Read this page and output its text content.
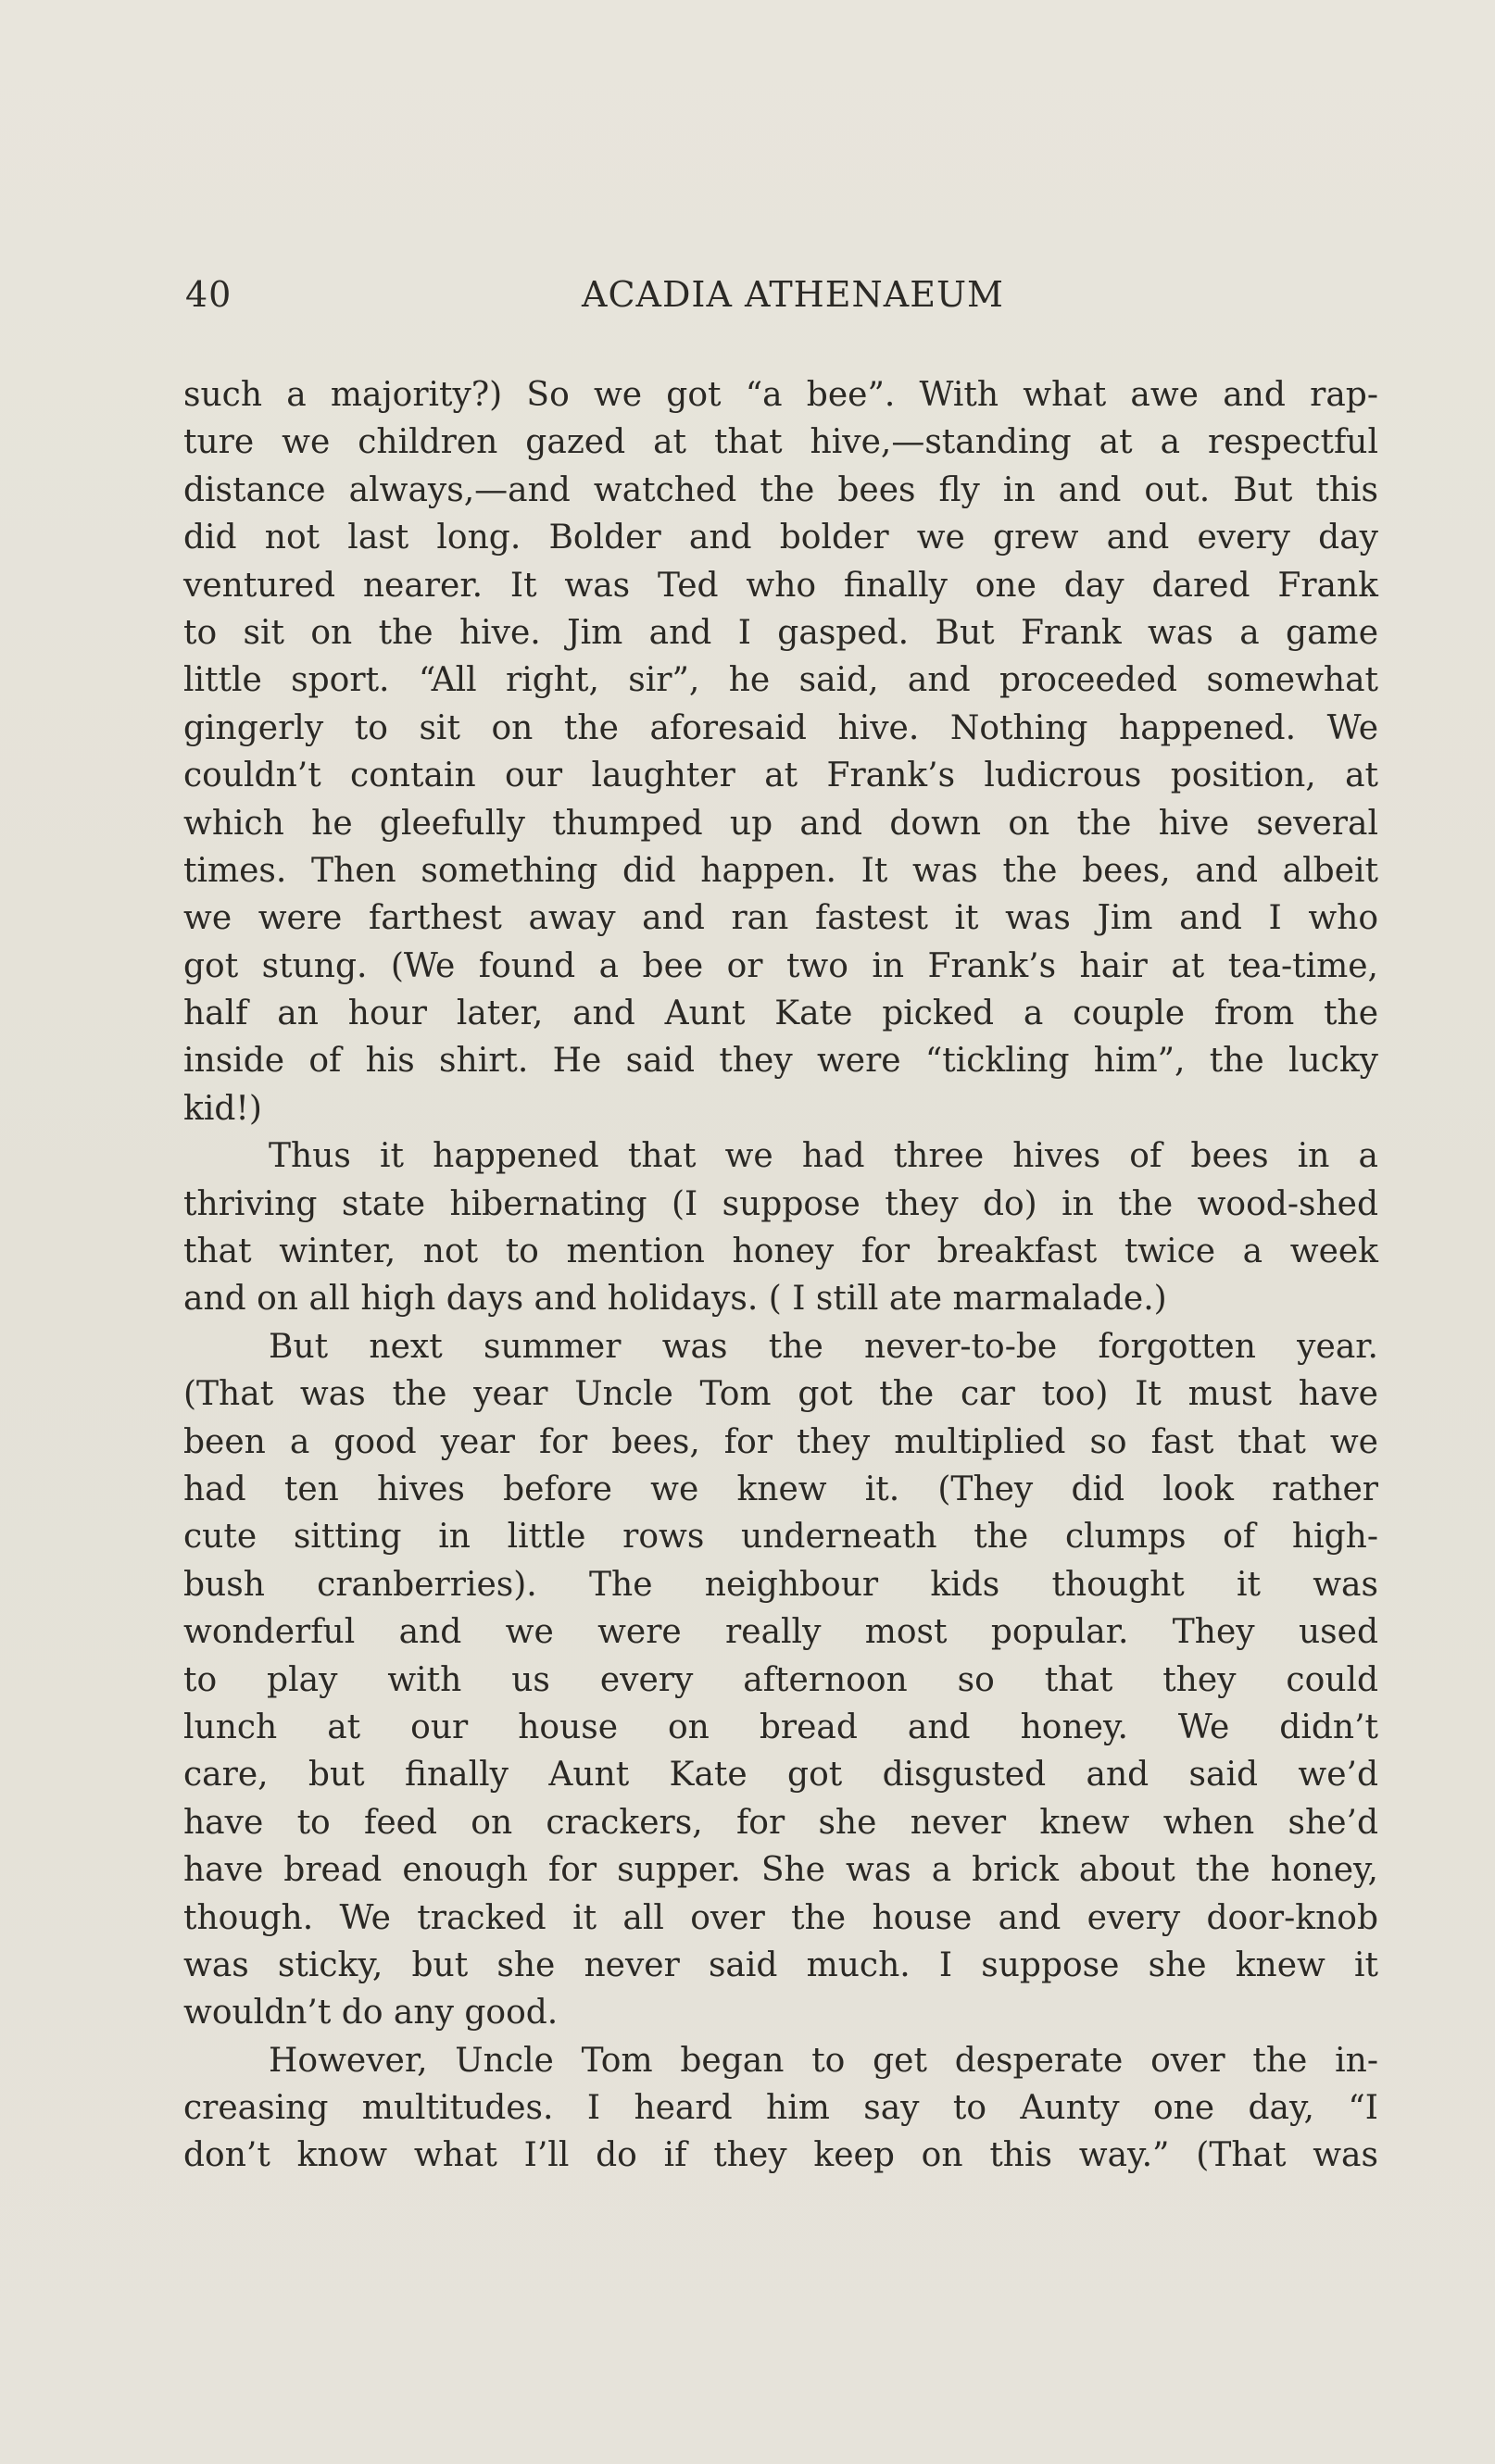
40	ACADIA ATHENAEUM
such a majority?) So we got “a bee”. With what awe and rap-
ture we children gazed at that hive,—standing at a respectful
distance always,—and watched the bees fly in and out. But this
did not last long. Bolder and bolder we grew and every day
ventured nearer. It was Ted who finally one day dared Frank
to sit on the hive. Jim and I gasped. But Frank was a game
little sport. “All right, sir”, he said, and proceeded somewhat
gingerly to sit on the aforesaid hive. Nothing happened. We
couldn’t contain our laughter at Frank’s ludicrous position, at
which he gleefully thumped up and down on the hive several
times. Then something did happen. It was the bees, and albeit
we were farthest away and ran fastest it was Jim and I who
got stung. (We found a bee or two in Frank’s hair at tea-time,
half an hour later, and Aunt Kate picked a couple from the
inside of his shirt. He said they were “tickling him”, the lucky
kid!)
Thus it happened that we had three hives of bees in a
thriving state hibernating (I suppose they do) in the wood-shed
that winter, not to mention honey for breakfast twice a week
and on all high days and holidays. ( I still ate marmalade.)
But next summer was the never-to-be forgotten year.
(That was the year Uncle Tom got the car too) It must have
been a good year for bees, for they multiplied so fast that we
had ten hives before we knew it. (They did look rather
cute sitting in little rows underneath the clumps of high-
bush cranberries). The neighbour kids thought it was
wonderful and we were really most popular. They used
to play with us every afternoon so that they could
lunch at our house on bread and honey. We didn’t
care, but finally Aunt Kate got disgusted and said we’d
have to feed on crackers, for she never knew when she’d
have bread enough for supper. She was a brick about the honey,
though. We tracked it all over the house and every door-knob
was sticky, but she never said much. I suppose she knew it
wouldn’t do any good.
However, Uncle Tom began to get desperate over the in-
creasing multitudes. I heard him say to Aunty one day, “I
don’t know what I’ll do if they keep on this way.” (That was
